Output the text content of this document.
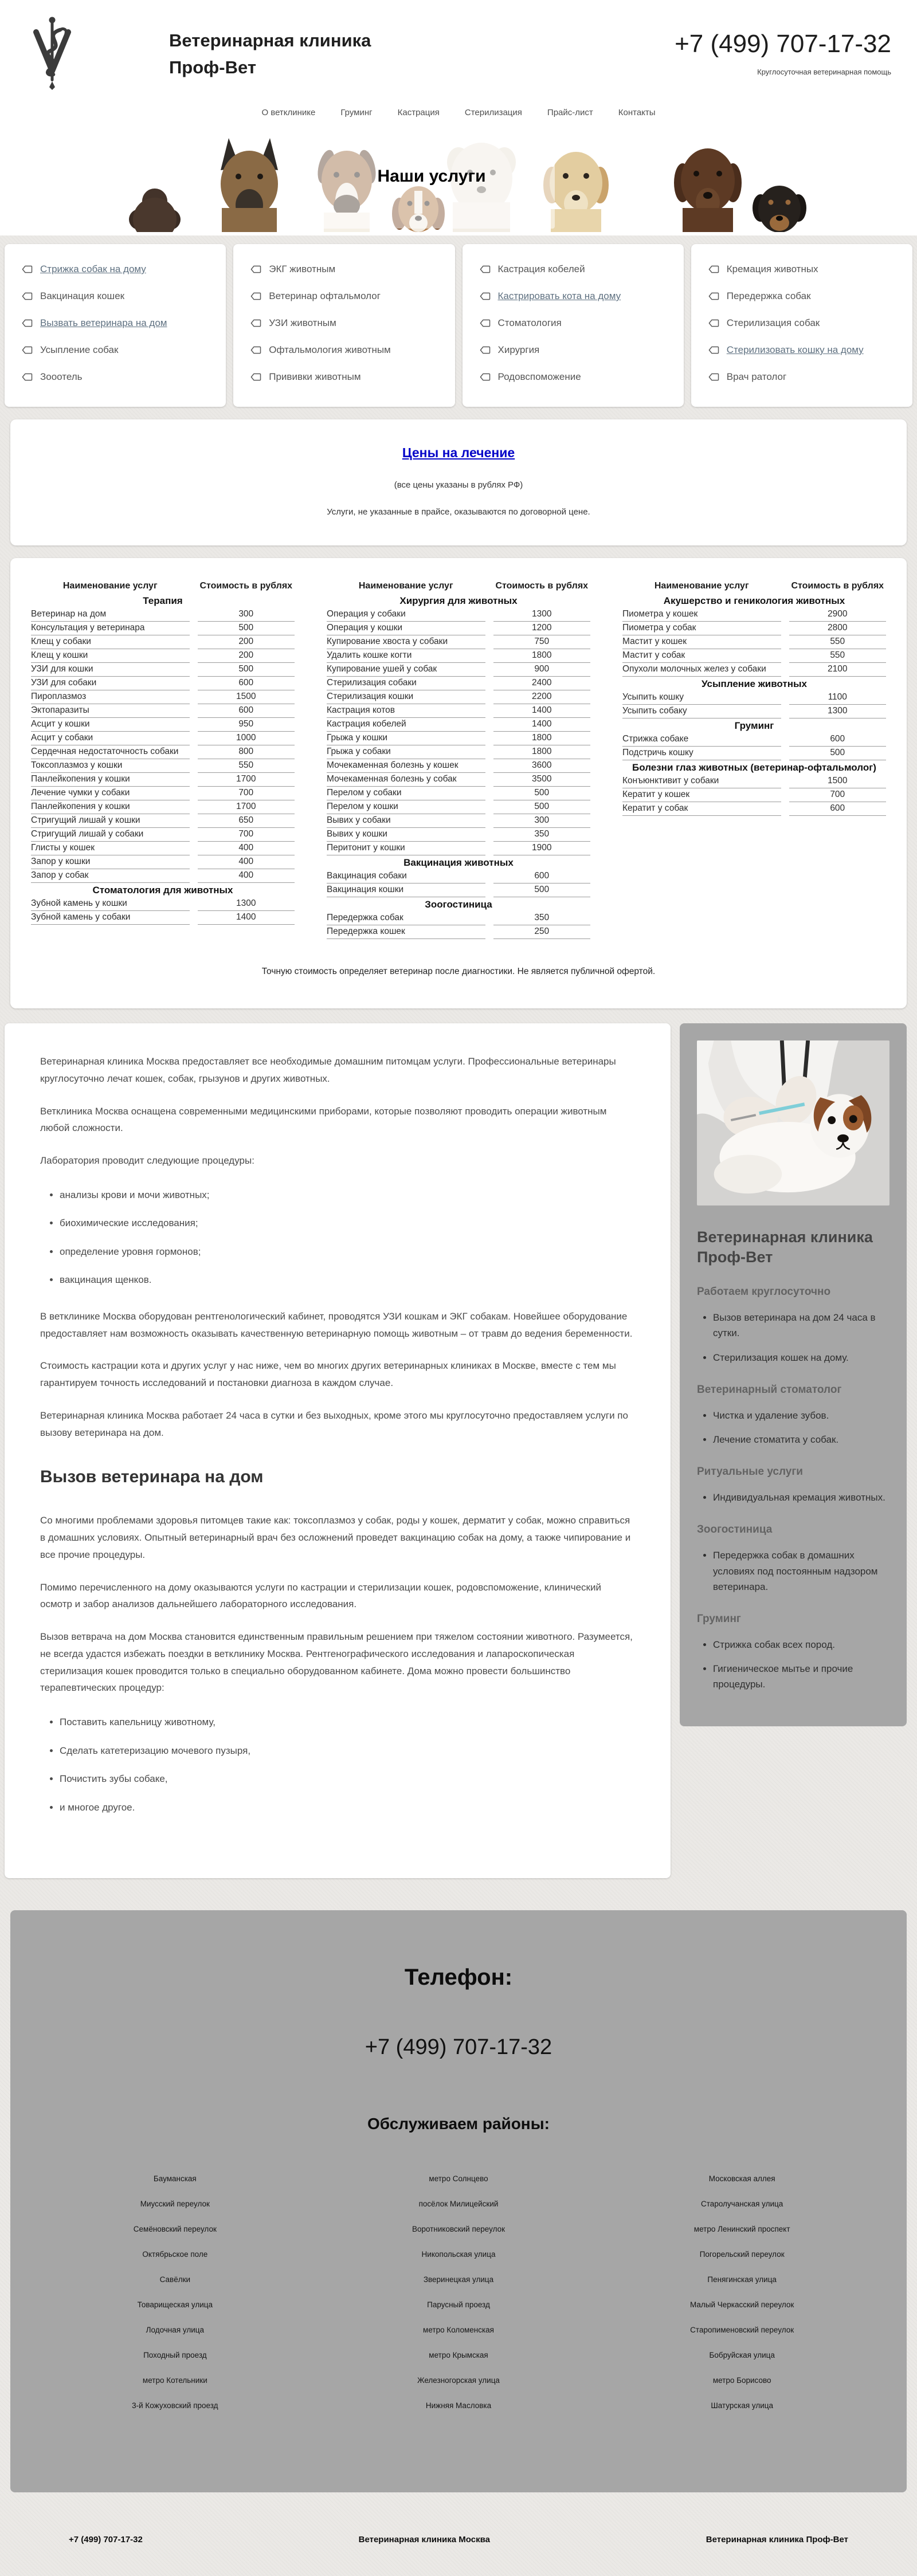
Ветеринарная клиника
Проф-Вет
+7 (499) 707-17-32
Круглосуточная ветеринарная помощь
О ветклинике	Груминг	Кастрация	Стерилизация	Прайс-лист	Контакты
Наши услуги
Стрижка собак на дому
Вакцинация кошек
Вызвать ветеринара на дом
Усыпление собак
Зооотель
ЭКГ животным
Ветеринар офтальмолог
УЗИ животным
Офтальмология животным
Прививки животным
Кастрация кобелей
Кастрировать кота на дому
Стоматология
Хирургия
Родовспоможение
Кремация животных
Передержка собак
Стерилизация собак
Стерилизовать кошку на дому
Врач ратолог
Цены на лечение
(все цены указаны в рублях РФ)
Услуги, не указанные в прайсе, оказываются по договорной цене.
Наименование услуг	Стоимость в рублях
Терапия	
Ветеринар на дом	300
Консультация у ветеринара	500
Клещ у собаки	200
Клещ у кошки	200
УЗИ для кошки	500
УЗИ для собаки	600
Пироплазмоз	1500
Эктопаразиты	600
Асцит у кошки	950
Асцит у собаки	1000
Сердечная недостаточность собаки	800
Токсоплазмоз у кошки	550
Панлейкопения у кошки	1700
Лечение чумки у собаки	700
Панлейкопения у кошки	1700
Стригущий лишай у кошки	650
Стригущий лишай у собаки	700
Глисты у кошек	400
Запор у кошки	400
Запор у собак	400
Стоматология для животных	
Зубной камень у кошки	1300
Зубной камень у собаки	1400
Наименование услуг	Стоимость в рублях
Хирургия для животных	
Операция у собаки	1300
Операция у кошки	1200
Купирование хвоста у собаки	750
Удалить кошке когти	1800
Купирование ушей у собак	900
Стерилизация собаки	2400
Стерилизация кошки	2200
Кастрация котов	1400
Кастрация кобелей	1400
Грыжа у кошки	1800
Грыжа у собаки	1800
Мочекаменная болезнь у кошек	3600
Мочекаменная болезнь у собак	3500
Перелом у собаки	500
Перелом у кошки	500
Вывих у собаки	300
Вывих у кошки	350
Перитонит у кошки	1900
Вакцинация животных	
Вакцинация собаки	600
Вакцинация кошки	500
Зоогостиница	
Передержка собак	350
Передержка кошек	250
Наименование услуг	Стоимость в рублях
Акушерство и геникология животных	
Пиометра у кошек	2900
Пиометра у собак	2800
Мастит у кошек	550
Мастит у собак	550
Опухоли молочных желез у собаки	2100
Усыпление животных	
Усыпить кошку	1100
Усыпить собаку	1300
Груминг	
Стрижка собаке	600
Подстричь кошку	500
Болезни глаз животных (ветеринар-офтальмолог)	
Конъюнктивит у собаки	1500
Кератит у кошек	700
Кератит у собак	600
Точную стоимость определяет ветеринар после диагностики. Не является публичной офертой.

Ветеринарная клиника Москва предоставляет все необходимые домашним питомцам услуги. Профессиональные ветеринары круглосуточно лечат кошек, собак, грызунов и других животных.

Ветклиника Москва оснащена современными медицинскими приборами, которые позволяют проводить операции животным любой сложности.

Лаборатория проводит следующие процедуры:

• анализы крови и мочи животных;
• биохимические исследования;
• определение уровня гормонов;
• вакцинация щенков.

В ветклинике Москва оборудован рентгенологический кабинет, проводятся УЗИ кошкам и ЭКГ собакам. Новейшее оборудование предоставляет нам возможность оказывать качественную ветеринарную помощь животным – от травм до ведения беременности.

Стоимость кастрации кота и других услуг у нас ниже, чем во многих других ветеринарных клиниках в Москве, вместе с тем мы гарантируем точность исследований и постановки диагноза в каждом случае.

Ветеринарная клиника Москва работает 24 часа в сутки и без выходных, кроме этого мы круглосуточно предоставляем услуги по вызову ветеринара на дом.

Вызов ветеринара на дом

Со многими проблемами здоровья питомцев такие как: токсоплазмоз у собак, роды у кошек, дерматит у собак, можно справиться в домашних условиях. Опытный ветеринарный врач без осложнений проведет вакцинацию собак на дому, а также чипирование и все прочие процедуры.

Помимо перечисленного на дому оказываются услуги по кастрации и стерилизации кошек, родовспоможение, клинический осмотр и забор анализов дальнейшего лабораторного исследования.

Вызов ветврача на дом Москва становится единственным правильным решением при тяжелом состоянии животного. Разумеется, не всегда удастся избежать поездки в ветклинику Москва. Рентгенографического исследования и лапароскопическая стерилизация кошек проводится только в специально оборудованном кабинете. Дома можно провести большинство терапевтических процедур:

• Поставить капельницу животному,
• Сделать катетеризацию мочевого пузыря,
• Почистить зубы собаке,
• и многое другое.
Ветеринарная клиника Проф-Вет
Работаем круглосуточно
• Вызов ветеринара на дом 24 часа в сутки.
• Стерилизация кошек на дому.
Ветеринарный стоматолог
• Чистка и удаление зубов.
• Лечение стоматита у собак.
Ритуальные услуги
• Индивидуальная кремация животных.
Зоогостиница
• Передержка собак в домашних условиях под постоянным надзором ветеринара.
Груминг
• Стрижка собак всех пород.
• Гигиеническое мытье и прочие процедуры.
Телефон:
+7 (499) 707-17-32
Обслуживаем районы:
Бауманская
Миусский переулок
Семёновский переулок
Октябрьское поле
Савёлки
Товарищеская улица
Лодочная улица
Походный проезд
метро Котельники
3-й Кожуховский проезд
метро Солнцево
посёлок Милицейский
Воротниковский переулок
Никопольская улица
Зверинецкая улица
Парусный проезд
метро Коломенская
метро Крымская
Железногорская улица
Нижняя Масловка
Московская аллея
Старолучанская улица
метро Ленинский проспект
Погорельский переулок
Пенягинская улица
Малый Черкасский переулок
Старопименовский переулок
Бобруйская улица
метро Борисово
Шатурская улица
+7 (499) 707-17-32	Ветеринарная клиника Москва	Ветеринарная клиника Проф-Вет
